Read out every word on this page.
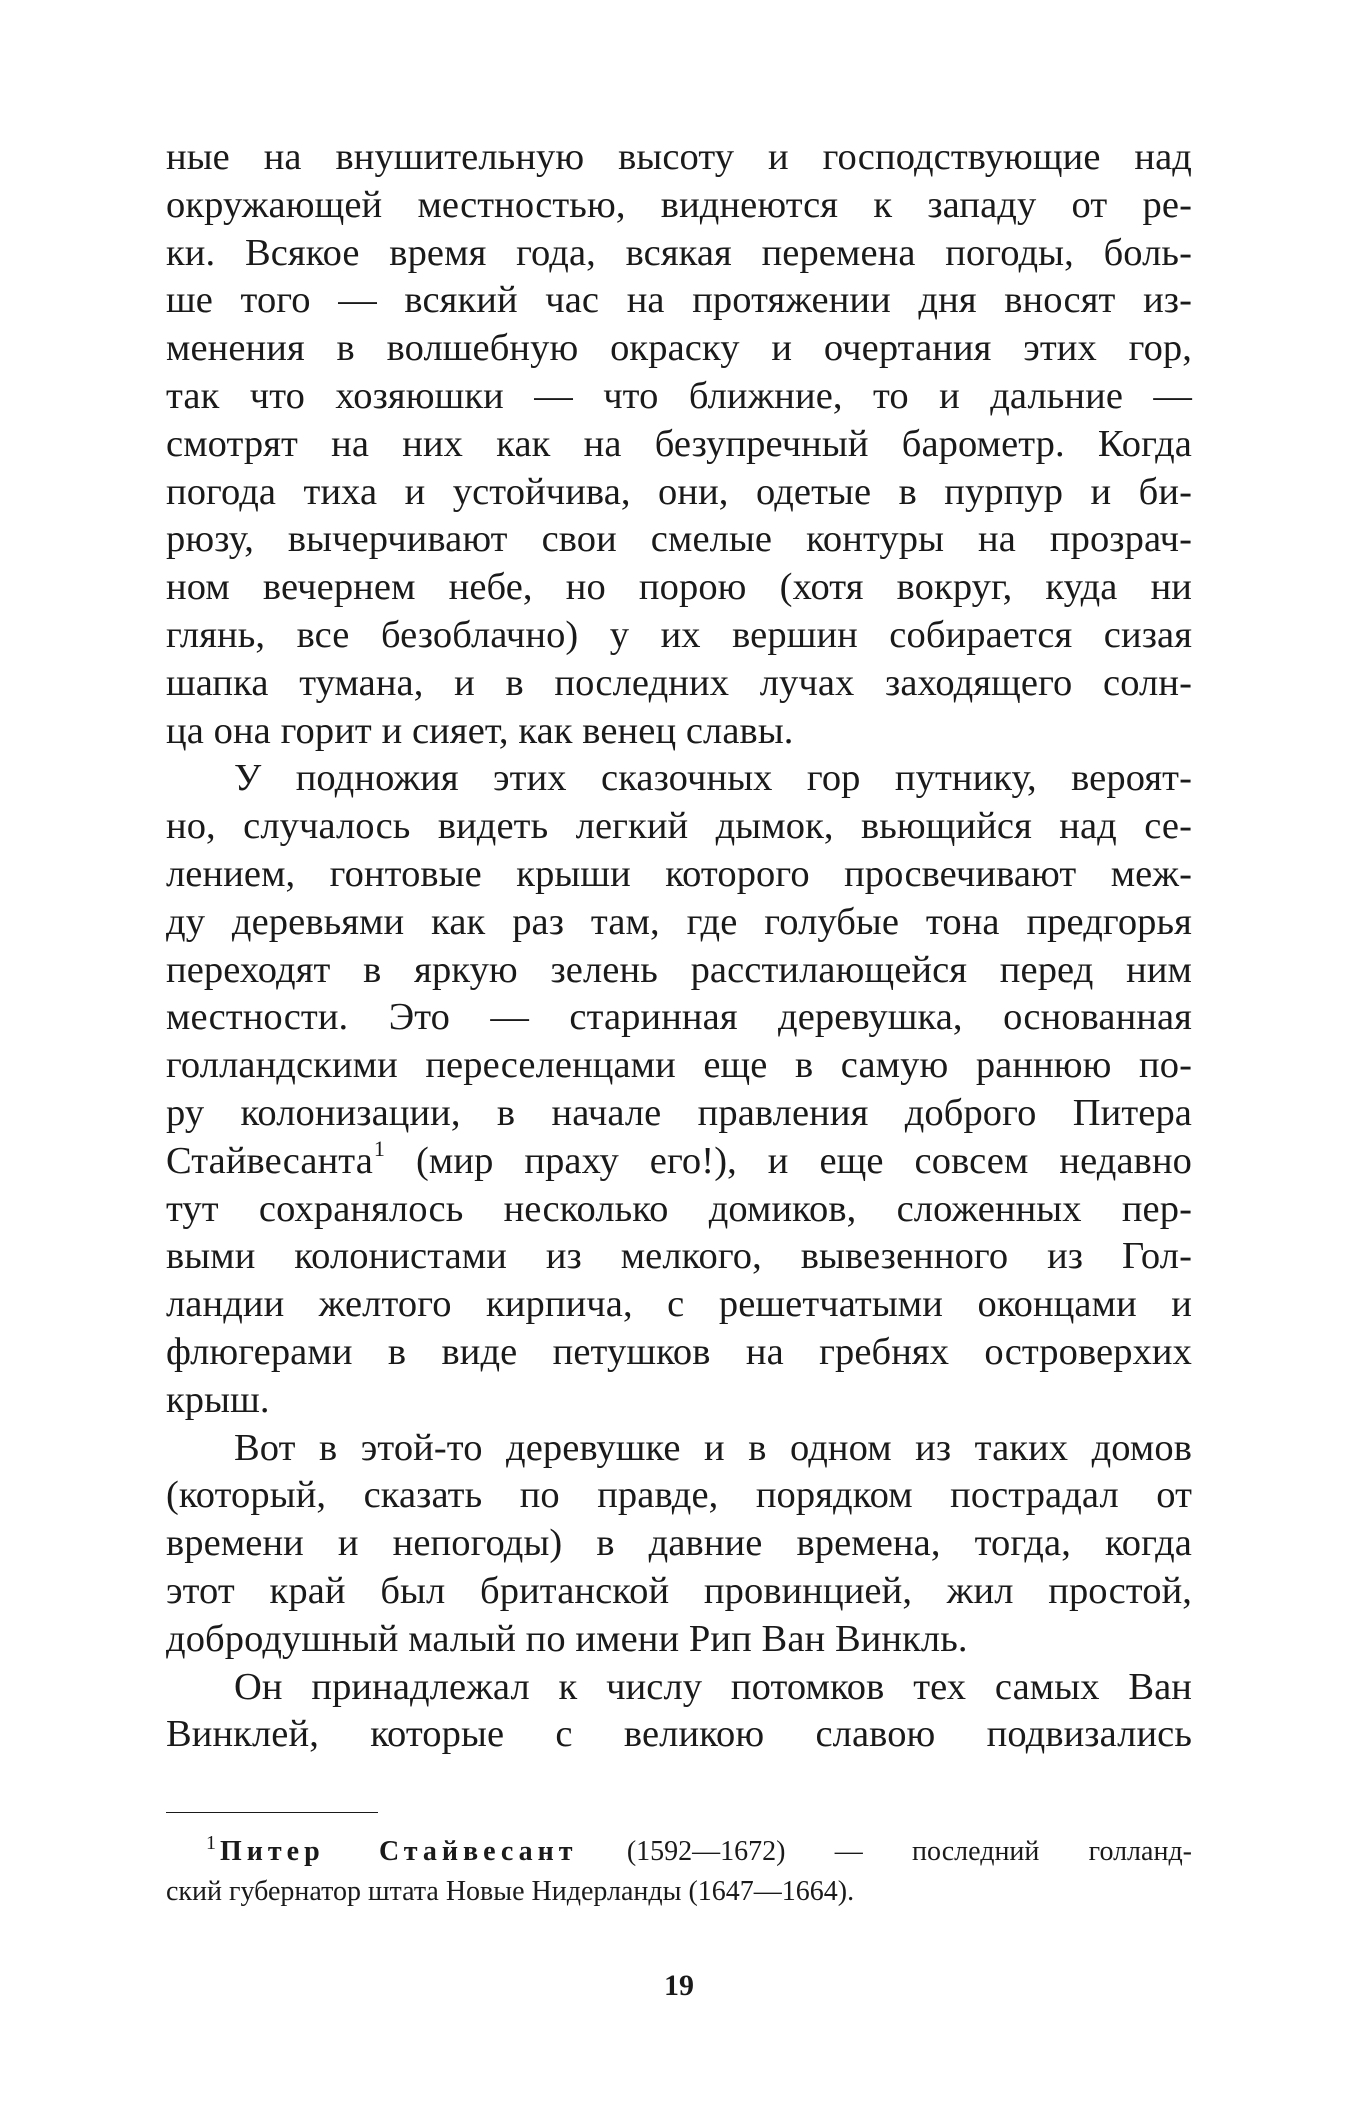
ные на внушительную высоту и господствующие над
окружающей местностью, виднеются к западу от ре-
ки. Всякое время года, всякая перемена погоды, боль-
ше того — всякий час на протяжении дня вносят из-
менения в волшебную окраску и очертания этих гор,
так что хозяюшки — что ближние, то и дальние —
смотрят на них как на безупречный барометр. Когда
погода тиха и устойчива, они, одетые в пурпур и би-
рюзу, вычерчивают свои смелые контуры на прозрач-
ном вечернем небе, но порою (хотя вокруг, куда ни
глянь, все безоблачно) у их вершин собирается сизая
шапка тумана, и в последних лучах заходящего солн-
ца она горит и сияет, как венец славы.
У подножия этих сказочных гор путнику, вероят-
но, случалось видеть легкий дымок, вьющийся над се-
лением, гонтовые крыши которого просвечивают меж-
ду деревьями как раз там, где голубые тона предгорья
переходят в яркую зелень расстилающейся перед ним
местности. Это — старинная деревушка, основанная
голландскими переселенцами еще в самую раннюю по-
ру колонизации, в начале правления доброго Питера
Стайвесанта$^1$ (мир праху его!), и еще совсем недавно
тут сохранялось несколько домиков, сложенных пер-
выми колонистами из мелкого, вывезенного из Гол-
ландии желтого кирпича, с решетчатыми оконцами и
флюгерами в виде петушков на гребнях островерхих
крыш.
Вот в этой-то деревушке и в одном из таких домов
(который, сказать по правде, порядком пострадал от
времени и непогоды) в давние времена, тогда, когда
этот край был британской провинцией, жил простой,
добродушный малый по имени Рип Ван Винкль.
Он принадлежал к числу потомков тех самых Ван
Винклей, которые с великою славою подвизались
$^1$ Питер Стайвесант (1592—1672) — последний голланд-
ский губернатор штата Новые Нидерланды (1647—1664).
19
